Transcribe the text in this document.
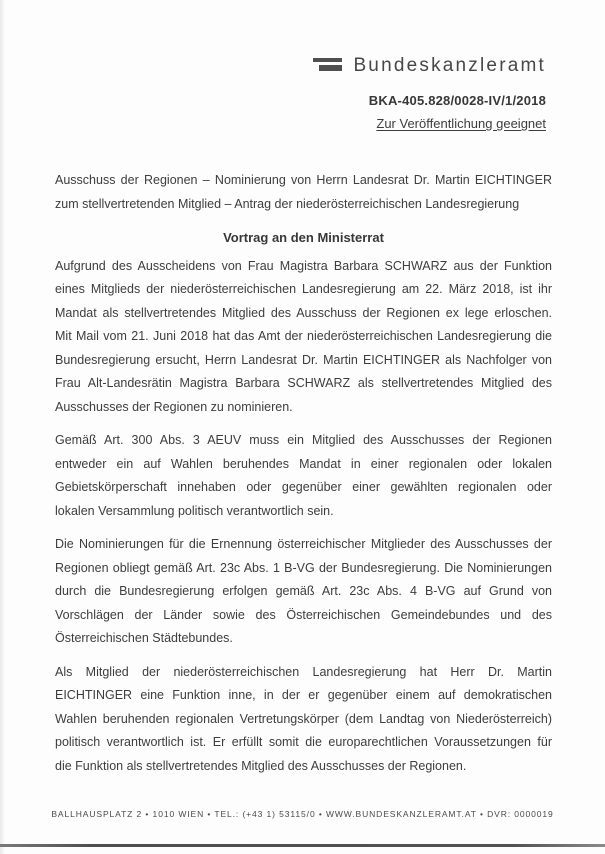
Bundeskanzleramt
BKA-405.828/0028-IV/1/2018
Zur Veröffentlichung geeignet
Ausschuss der Regionen – Nominierung von Herrn Landesrat Dr. Martin EICHTINGER
zum stellvertretenden Mitglied – Antrag der niederösterreichischen Landesregierung
Vortrag an den Ministerrat
Aufgrund des Ausscheidens von Frau Magistra Barbara SCHWARZ aus der Funktion
eines Mitglieds der niederösterreichischen Landesregierung am 22. März 2018, ist ihr
Mandat als stellvertretendes Mitglied des Ausschuss der Regionen ex lege erloschen.
Mit Mail vom 21. Juni 2018 hat das Amt der niederösterreichischen Landesregierung die
Bundesregierung ersucht, Herrn Landesrat Dr. Martin EICHTINGER als Nachfolger von
Frau Alt-Landesrätin Magistra Barbara SCHWARZ als stellvertretendes Mitglied des
Ausschusses der Regionen zu nominieren.
Gemäß Art. 300 Abs. 3 AEUV muss ein Mitglied des Ausschusses der Regionen
entweder ein auf Wahlen beruhendes Mandat in einer regionalen oder lokalen
Gebietskörperschaft innehaben oder gegenüber einer gewählten regionalen oder
lokalen Versammlung politisch verantwortlich sein.
Die Nominierungen für die Ernennung österreichischer Mitglieder des Ausschusses der
Regionen obliegt gemäß Art. 23c Abs. 1 B-VG der Bundesregierung. Die Nominierungen
durch die Bundesregierung erfolgen gemäß Art. 23c Abs. 4 B-VG auf Grund von
Vorschlägen der Länder sowie des Österreichischen Gemeindebundes und des
Österreichischen Städtebundes.
Als Mitglied der niederösterreichischen Landesregierung hat Herr Dr. Martin
EICHTINGER eine Funktion inne, in der er gegenüber einem auf demokratischen
Wahlen beruhenden regionalen Vertretungskörper (dem Landtag von Niederösterreich)
politisch verantwortlich ist. Er erfüllt somit die europarechtlichen Voraussetzungen für
die Funktion als stellvertretendes Mitglied des Ausschusses der Regionen.
BALLHAUSPLATZ 2 • 1010 WIEN • TEL.: (+43 1) 53115/0 • WWW.BUNDESKANZLERAMT.AT • DVR: 0000019
